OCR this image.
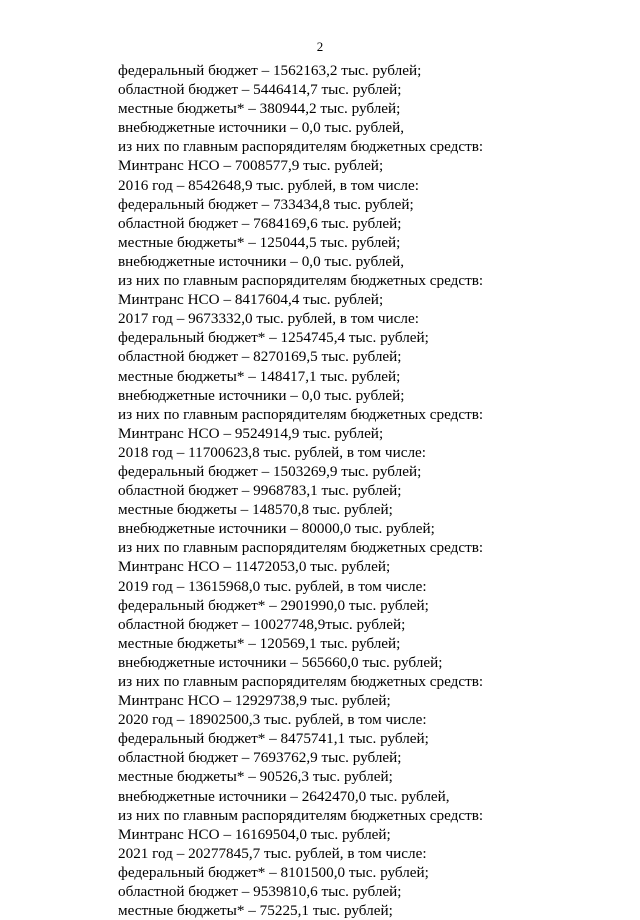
2
федеральный бюджет – 1562163,2 тыс. рублей;
областной бюджет – 5446414,7 тыс. рублей;
местные бюджеты* – 380944,2 тыс. рублей;
внебюджетные источники – 0,0 тыс. рублей,
из них по главным распорядителям бюджетных средств:
Минтранс НСО – 7008577,9 тыс. рублей;
2016 год – 8542648,9 тыс. рублей, в том числе:
федеральный бюджет – 733434,8 тыс. рублей;
областной бюджет – 7684169,6 тыс. рублей;
местные бюджеты* – 125044,5 тыс. рублей;
внебюджетные источники – 0,0 тыс. рублей,
из них по главным распорядителям бюджетных средств:
Минтранс НСО – 8417604,4 тыс. рублей;
2017 год – 9673332,0 тыс. рублей, в том числе:
федеральный бюджет* – 1254745,4 тыс. рублей;
областной бюджет – 8270169,5 тыс. рублей;
местные бюджеты* – 148417,1 тыс. рублей;
внебюджетные источники – 0,0 тыс. рублей;
из них по главным распорядителям бюджетных средств:
Минтранс НСО – 9524914,9 тыс. рублей;
2018 год – 11700623,8 тыс. рублей, в том числе:
федеральный бюджет – 1503269,9 тыс. рублей;
областной бюджет – 9968783,1 тыс. рублей;
местные бюджеты – 148570,8 тыс. рублей;
внебюджетные источники – 80000,0 тыс. рублей;
из них по главным распорядителям бюджетных средств:
Минтранс НСО – 11472053,0 тыс. рублей;
2019 год – 13615968,0 тыс. рублей, в том числе:
федеральный бюджет* – 2901990,0 тыс. рублей;
областной бюджет – 10027748,9тыс. рублей;
местные бюджеты* – 120569,1 тыс. рублей;
внебюджетные источники – 565660,0 тыс. рублей;
из них по главным распорядителям бюджетных средств:
Минтранс НСО – 12929738,9 тыс. рублей;
2020 год – 18902500,3 тыс. рублей, в том числе:
федеральный бюджет* – 8475741,1 тыс. рублей;
областной бюджет – 7693762,9 тыс. рублей;
местные бюджеты* – 90526,3 тыс. рублей;
внебюджетные источники – 2642470,0 тыс. рублей,
из них по главным распорядителям бюджетных средств:
Минтранс НСО – 16169504,0 тыс. рублей;
2021 год – 20277845,7 тыс. рублей, в том числе:
федеральный бюджет* – 8101500,0 тыс. рублей;
областной бюджет – 9539810,6 тыс. рублей;
местные бюджеты* – 75225,1 тыс. рублей;
